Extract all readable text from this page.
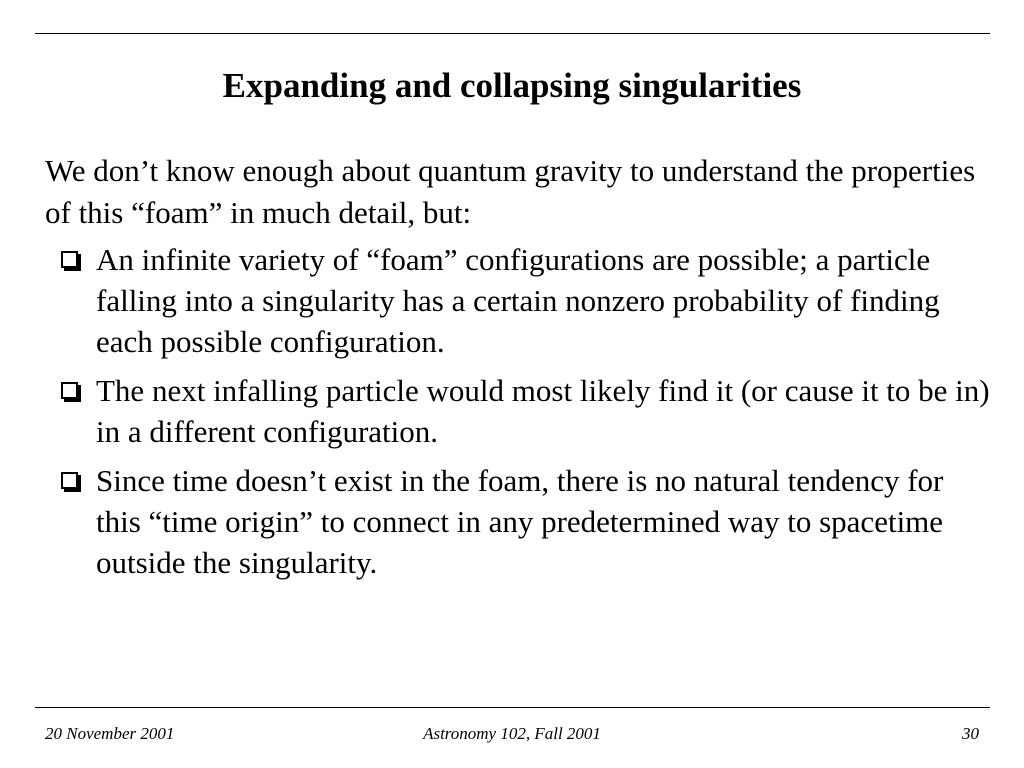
Expanding and collapsing singularities
We don’t know enough about quantum gravity to understand the properties of this “foam” in much detail, but:
An infinite variety of “foam” configurations are possible; a particle falling into a singularity has a certain nonzero probability of finding each possible configuration.
The next infalling particle would most likely find it (or cause it to be in) in a different configuration.
Since time doesn’t exist in the foam, there is no natural tendency for this “time origin” to connect in any predetermined way to spacetime outside the singularity.
20 November 2001	Astronomy 102, Fall 2001	30
